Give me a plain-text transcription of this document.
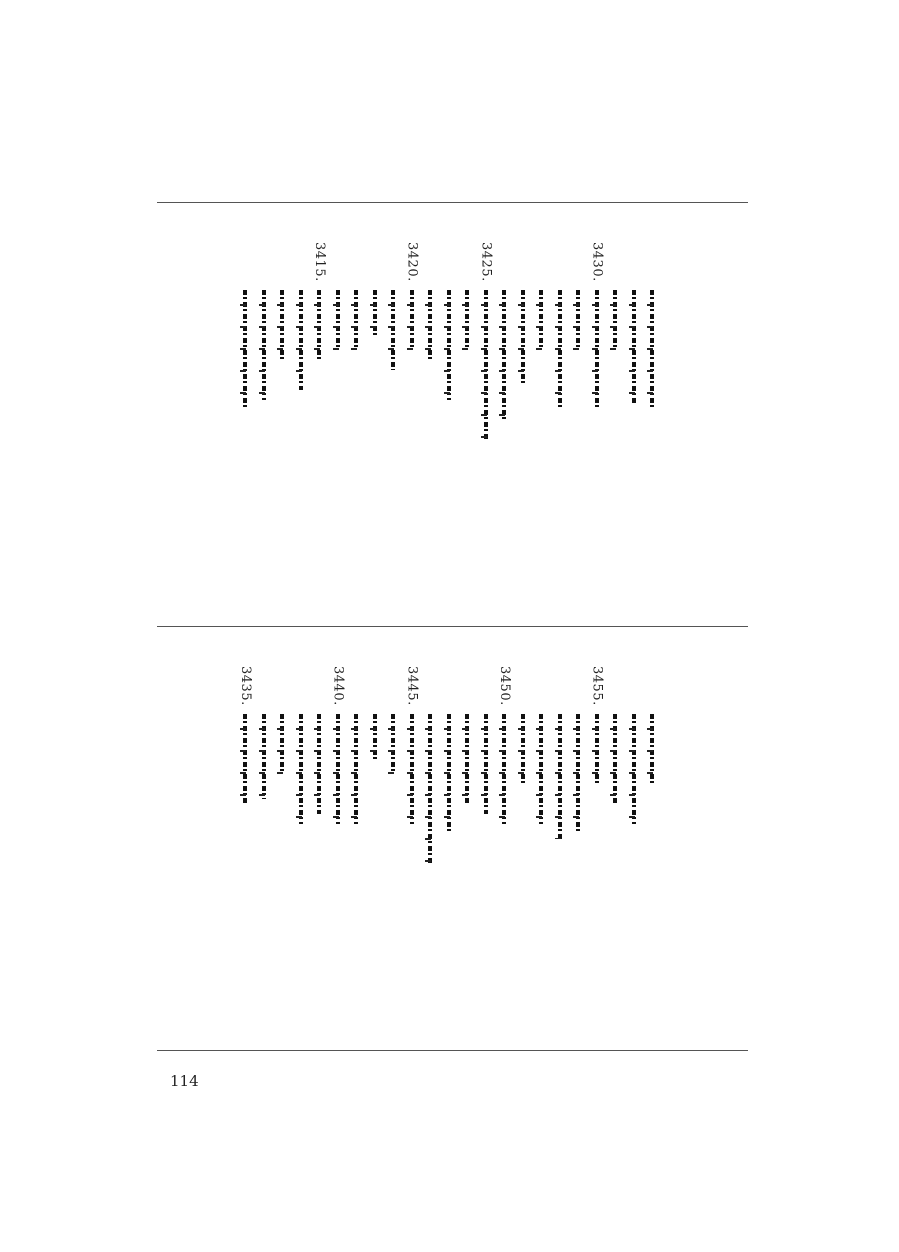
3430.
3425.
3420.
3415.
3455.
3450.
3445.
3440.
3435.
114
